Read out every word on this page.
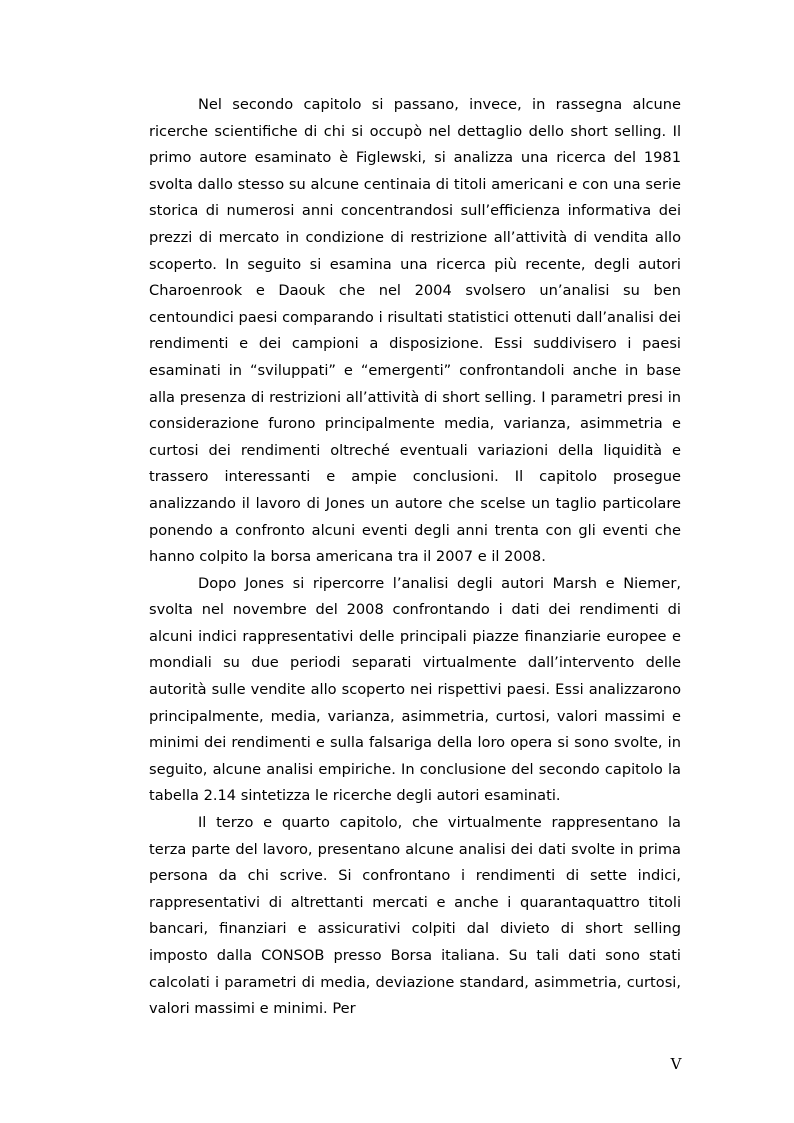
Nel secondo capitolo si passano, invece, in rassegna alcune ricerche scientifiche di chi si occupò nel dettaglio dello short selling. Il primo autore esaminato è Figlewski, si analizza una ricerca del 1981 svolta dallo stesso su alcune centinaia di titoli americani e con una serie storica di numerosi anni concentrandosi sull’efficienza informativa dei prezzi di mercato in condizione di restrizione all’attività di vendita allo scoperto. In seguito si esamina una ricerca più recente, degli autori Charoenrook e Daouk che nel 2004 svolsero un’analisi su ben centoundici paesi comparando i risultati statistici ottenuti dall’analisi dei rendimenti e dei campioni a disposizione. Essi suddivisero i paesi esaminati in “sviluppati” e “emergenti” confrontandoli anche in base alla presenza di restrizioni all’attività di short selling. I parametri presi in considerazione furono principalmente media, varianza, asimmetria e curtosi dei rendimenti oltreché eventuali variazioni della liquidità e trassero interessanti e ampie conclusioni. Il capitolo prosegue analizzando il lavoro di Jones un autore che scelse un taglio particolare ponendo a confronto alcuni eventi degli anni trenta con gli eventi che hanno colpito la borsa americana tra il 2007 e il 2008.

Dopo Jones si ripercorre l’analisi degli autori Marsh e Niemer, svolta nel novembre del 2008 confrontando i dati dei rendimenti di alcuni indici rappresentativi delle principali piazze finanziarie europee e mondiali su due periodi separati virtualmente dall’intervento delle autorità sulle vendite allo scoperto nei rispettivi paesi. Essi analizzarono principalmente, media, varianza, asimmetria, curtosi, valori massimi e minimi dei rendimenti e sulla falsariga della loro opera si sono svolte, in seguito, alcune analisi empiriche. In conclusione del secondo capitolo la tabella 2.14 sintetizza le ricerche degli autori esaminati.

Il terzo e quarto capitolo, che virtualmente rappresentano la terza parte del lavoro, presentano alcune analisi dei dati svolte in prima persona da chi scrive. Si confrontano i rendimenti di sette indici, rappresentativi di altrettanti mercati e anche i quarantaquattro titoli bancari, finanziari e assicurativi colpiti dal divieto di short selling imposto dalla CONSOB presso Borsa italiana. Su tali dati sono stati calcolati i parametri di media, deviazione standard, asimmetria, curtosi, valori massimi e minimi. Per

V
